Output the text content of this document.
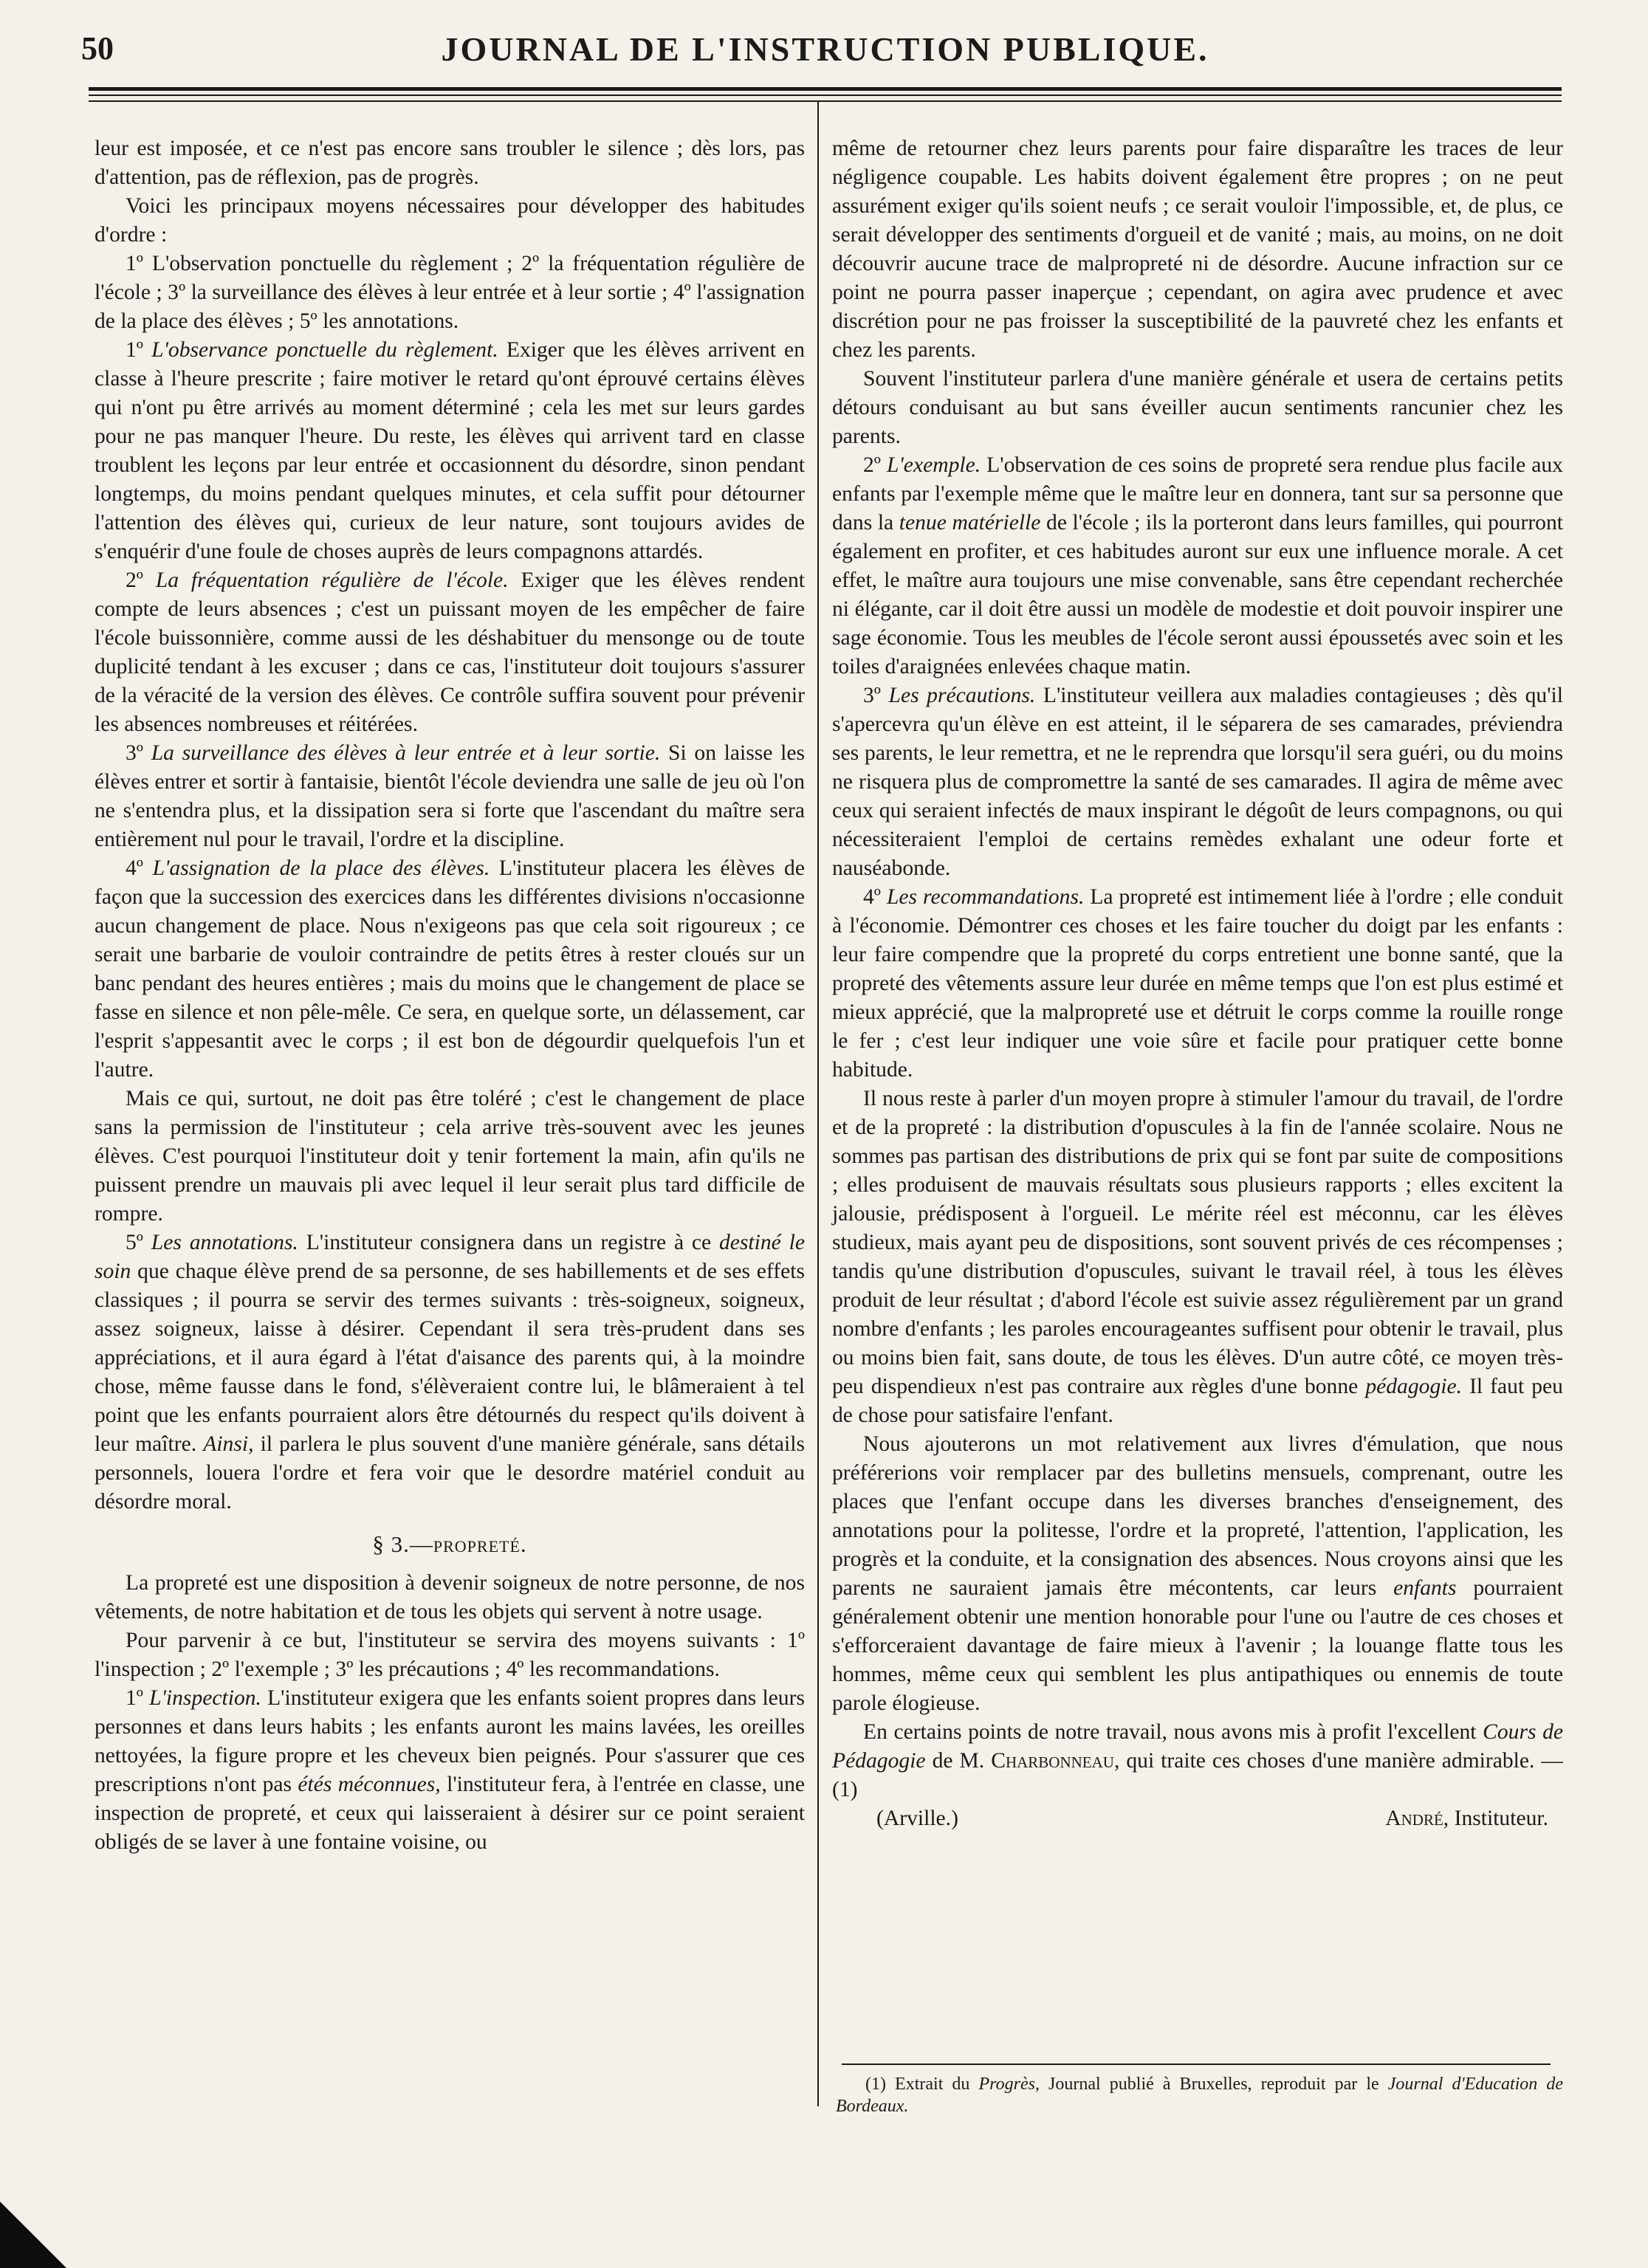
50	JOURNAL DE L'INSTRUCTION PUBLIQUE.

leur est imposée, et ce n'est pas encore sans troubler le silence ; dès lors, pas d'attention, pas de réflexion, pas de progrès.

Voici les principaux moyens nécessaires pour développer des habitudes d'ordre :

1º L'observation ponctuelle du règlement ; 2º la fréquentation régulière de l'école ; 3º la surveillance des élèves à leur entrée et à leur sortie ; 4º l'assignation de la place des élèves ; 5º les annotations.

1º L'observance ponctuelle du règlement. Exiger que les élèves arrivent en classe à l'heure prescrite ; faire motiver le retard qu'ont éprouvé certains élèves qui n'ont pu être arrivés au moment déterminé ; cela les met sur leurs gardes pour ne pas manquer l'heure. Du reste, les élèves qui arrivent tard en classe troublent les leçons par leur entrée et occasionnent du désordre, sinon pendant longtemps, du moins pendant quelques minutes, et cela suffit pour détourner l'attention des élèves qui, curieux de leur nature, sont toujours avides de s'enquérir d'une foule de choses auprès de leurs compagnons attardés.

2º La fréquentation régulière de l'école. Exiger que les élèves rendent compte de leurs absences ; c'est un puissant moyen de les empêcher de faire l'école buissonnière, comme aussi de les déshabituer du mensonge ou de toute duplicité tendant à les excuser ; dans ce cas, l'instituteur doit toujours s'assurer de la véracité de la version des élèves. Ce contrôle suffira souvent pour prévenir les absences nombreuses et réitérées.

3º La surveillance des élèves à leur entrée et à leur sortie. Si on laisse les élèves entrer et sortir à fantaisie, bientôt l'école deviendra une salle de jeu où l'on ne s'entendra plus, et la dissipation sera si forte que l'ascendant du maître sera entièrement nul pour le travail, l'ordre et la discipline.

4º L'assignation de la place des élèves. L'instituteur placera les élèves de façon que la succession des exercices dans les différentes divisions n'occasionne aucun changement de place. Nous n'exigeons pas que cela soit rigoureux ; ce serait une barbarie de vouloir contraindre de petits êtres à rester cloués sur un banc pendant des heures entières ; mais du moins que le changement de place se fasse en silence et non pêle-mêle. Ce sera, en quelque sorte, un délassement, car l'esprit s'appesantit avec le corps ; il est bon de dégourdir quelquefois l'un et l'autre.

Mais ce qui, surtout, ne doit pas être toléré ; c'est le changement de place sans la permission de l'instituteur ; cela arrive très-souvent avec les jeunes élèves. C'est pourquoi l'instituteur doit y tenir fortement la main, afin qu'ils ne puissent prendre un mauvais pli avec lequel il leur serait plus tard difficile de rompre.

5º Les annotations. L'instituteur consignera dans un registre à ce destiné le soin que chaque élève prend de sa personne, de ses habillements et de ses effets classiques ; il pourra se servir des termes suivants : très-soigneux, soigneux, assez soigneux, laisse à désirer. Cependant il sera très-prudent dans ses appréciations, et il aura égard à l'état d'aisance des parents qui, à la moindre chose, même fausse dans le fond, s'élèveraient contre lui, le blâmeraient à tel point que les enfants pourraient alors être détournés du respect qu'ils doivent à leur maître. Ainsi, il parlera le plus souvent d'une manière générale, sans détails personnels, louera l'ordre et fera voir que le desordre matériel conduit au désordre moral.

§ 3.—propreté.

La propreté est une disposition à devenir soigneux de notre personne, de nos vêtements, de notre habitation et de tous les objets qui servent à notre usage.

Pour parvenir à ce but, l'instituteur se servira des moyens suivants : 1º l'inspection ; 2º l'exemple ; 3º les précautions ; 4º les recommandations.

1º L'inspection. L'instituteur exigera que les enfants soient propres dans leurs personnes et dans leurs habits ; les enfants auront les mains lavées, les oreilles nettoyées, la figure propre et les cheveux bien peignés. Pour s'assurer que ces prescriptions n'ont pas étés méconnues, l'instituteur fera, à l'entrée en classe, une inspection de propreté, et ceux qui laisseraient à désirer sur ce point seraient obligés de se laver à une fontaine voisine, ou

même de retourner chez leurs parents pour faire disparaître les traces de leur négligence coupable. Les habits doivent également être propres ; on ne peut assurément exiger qu'ils soient neufs ; ce serait vouloir l'impossible, et, de plus, ce serait développer des sentiments d'orgueil et de vanité ; mais, au moins, on ne doit découvrir aucune trace de malpropreté ni de désordre. Aucune infraction sur ce point ne pourra passer inaperçue ; cependant, on agira avec prudence et avec discrétion pour ne pas froisser la susceptibilité de la pauvreté chez les enfants et chez les parents.

Souvent l'instituteur parlera d'une manière générale et usera de certains petits détours conduisant au but sans éveiller aucun sentiments rancunier chez les parents.

2º L'exemple. L'observation de ces soins de propreté sera rendue plus facile aux enfants par l'exemple même que le maître leur en donnera, tant sur sa personne que dans la tenue matérielle de l'école ; ils la porteront dans leurs familles, qui pourront également en profiter, et ces habitudes auront sur eux une influence morale. A cet effet, le maître aura toujours une mise convenable, sans être cependant recherchée ni élégante, car il doit être aussi un modèle de modestie et doit pouvoir inspirer une sage économie. Tous les meubles de l'école seront aussi époussetés avec soin et les toiles d'araignées enlevées chaque matin.

3º Les précautions. L'instituteur veillera aux maladies contagieuses ; dès qu'il s'apercevra qu'un élève en est atteint, il le séparera de ses camarades, préviendra ses parents, le leur remettra, et ne le reprendra que lorsqu'il sera guéri, ou du moins ne risquera plus de compromettre la santé de ses camarades. Il agira de même avec ceux qui seraient infectés de maux inspirant le dégoût de leurs compagnons, ou qui nécessiteraient l'emploi de certains remèdes exhalant une odeur forte et nauséabonde.

4º Les recommandations. La propreté est intimement liée à l'ordre ; elle conduit à l'économie. Démontrer ces choses et les faire toucher du doigt par les enfants : leur faire compendre que la propreté du corps entretient une bonne santé, que la propreté des vêtements assure leur durée en même temps que l'on est plus estimé et mieux apprécié, que la malpropreté use et détruit le corps comme la rouille ronge le fer ; c'est leur indiquer une voie sûre et facile pour pratiquer cette bonne habitude.

Il nous reste à parler d'un moyen propre à stimuler l'amour du travail, de l'ordre et de la propreté : la distribution d'opuscules à la fin de l'année scolaire. Nous ne sommes pas partisan des distributions de prix qui se font par suite de compositions ; elles produisent de mauvais résultats sous plusieurs rapports ; elles excitent la jalousie, prédisposent à l'orgueil. Le mérite réel est méconnu, car les élèves studieux, mais ayant peu de dispositions, sont souvent privés de ces récompenses ; tandis qu'une distribution d'opuscules, suivant le travail réel, à tous les élèves produit de leur résultat ; d'abord l'école est suivie assez régulièrement par un grand nombre d'enfants ; les paroles encourageantes suffisent pour obtenir le travail, plus ou moins bien fait, sans doute, de tous les élèves. D'un autre côté, ce moyen très-peu dispendieux n'est pas contraire aux règles d'une bonne pédagogie. Il faut peu de chose pour satisfaire l'enfant.

Nous ajouterons un mot relativement aux livres d'émulation, que nous préférerions voir remplacer par des bulletins mensuels, comprenant, outre les places que l'enfant occupe dans les diverses branches d'enseignement, des annotations pour la politesse, l'ordre et la propreté, l'attention, l'application, les progrès et la conduite, et la consignation des absences. Nous croyons ainsi que les parents ne sauraient jamais être mécontents, car leurs enfants pourraient généralement obtenir une mention honorable pour l'une ou l'autre de ces choses et s'efforceraient davantage de faire mieux à l'avenir ; la louange flatte tous les hommes, même ceux qui semblent les plus antipathiques ou ennemis de toute parole élogieuse.

En certains points de notre travail, nous avons mis à profit l'excellent Cours de Pédagogie de M. Charbonneau, qui traite ces choses d'une manière admirable. — (1)

(Arville.)	André, Instituteur.
(1) Extrait du Progrès, Journal publié à Bruxelles, reproduit par le Journal d'Education de Bordeaux.
